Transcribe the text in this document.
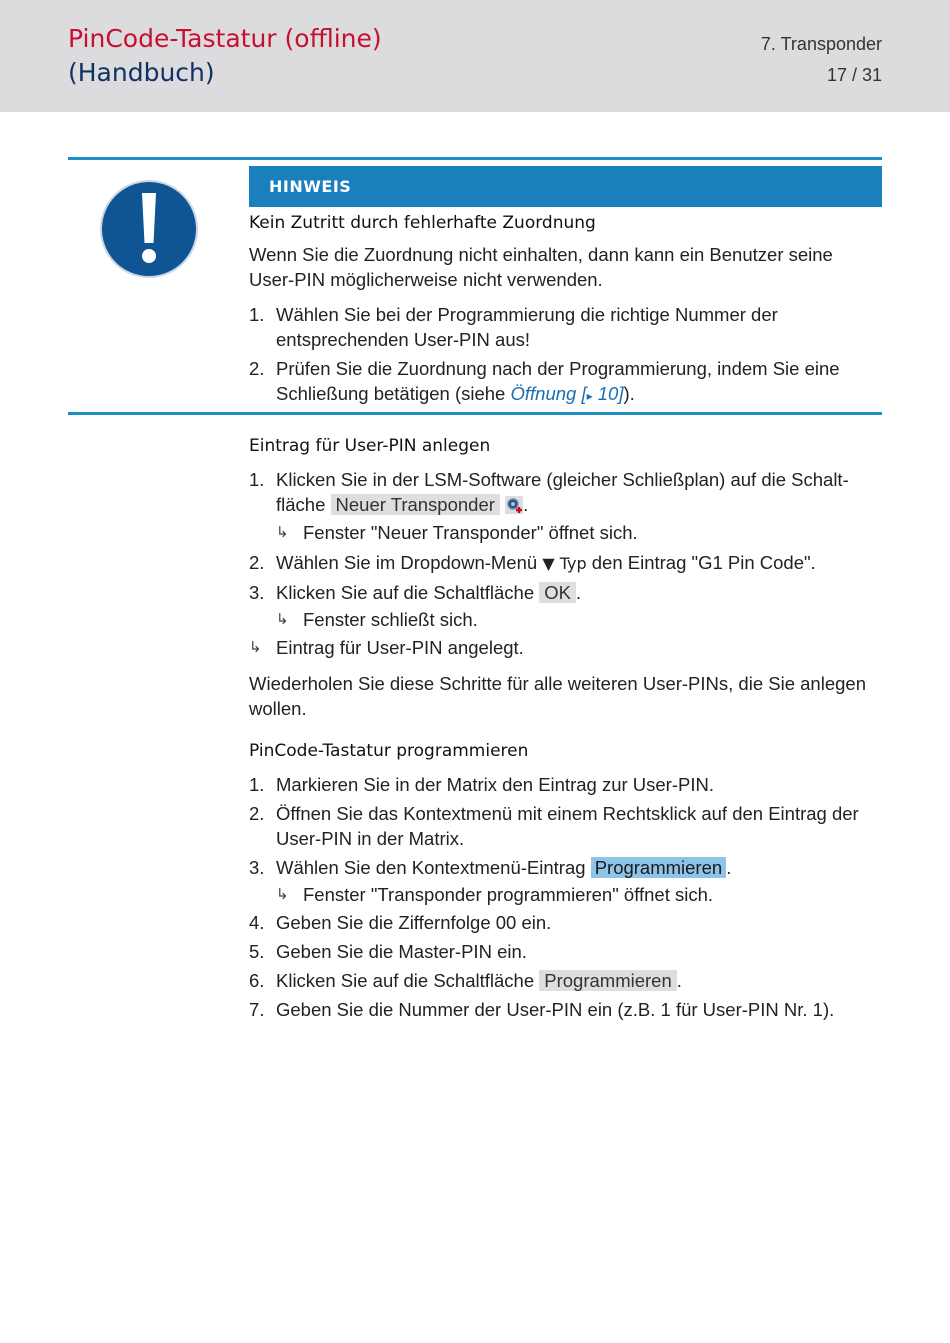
PinCode-Tastatur (offline)
(Handbuch)
7. Transponder
17 / 31
HINWEIS
Kein Zutritt durch fehlerhafte Zuordnung
Wenn Sie die Zuordnung nicht einhalten, dann kann ein Benutzer seine
User-PIN möglicherweise nicht verwenden.
1. Wählen Sie bei der Programmierung die richtige Nummer der
entsprechenden User-PIN aus!
2. Prüfen Sie die Zuordnung nach der Programmierung, indem Sie eine
Schließung betätigen (siehe Öffnung [▸ 10]).
Eintrag für User-PIN anlegen
1. Klicken Sie in der LSM-Software (gleicher Schließplan) auf die Schalt-
fläche Neuer Transponder .
↳ Fenster "Neuer Transponder" öffnet sich.
2. Wählen Sie im Dropdown-Menü ▼ Typ den Eintrag "G1 Pin Code".
3. Klicken Sie auf die Schaltfläche OK .
↳ Fenster schließt sich.
↳ Eintrag für User-PIN angelegt.
Wiederholen Sie diese Schritte für alle weiteren User-PINs, die Sie anlegen
wollen.
PinCode-Tastatur programmieren
1. Markieren Sie in der Matrix den Eintrag zur User-PIN.
2. Öffnen Sie das Kontextmenü mit einem Rechtsklick auf den Eintrag der
User-PIN in der Matrix.
3. Wählen Sie den Kontextmenü-Eintrag Programmieren .
↳ Fenster "Transponder programmieren" öffnet sich.
4. Geben Sie die Ziffernfolge 00 ein.
5. Geben Sie die Master-PIN ein.
6. Klicken Sie auf die Schaltfläche Programmieren .
7. Geben Sie die Nummer der User-PIN ein (z.B. 1 für User-PIN Nr. 1).
